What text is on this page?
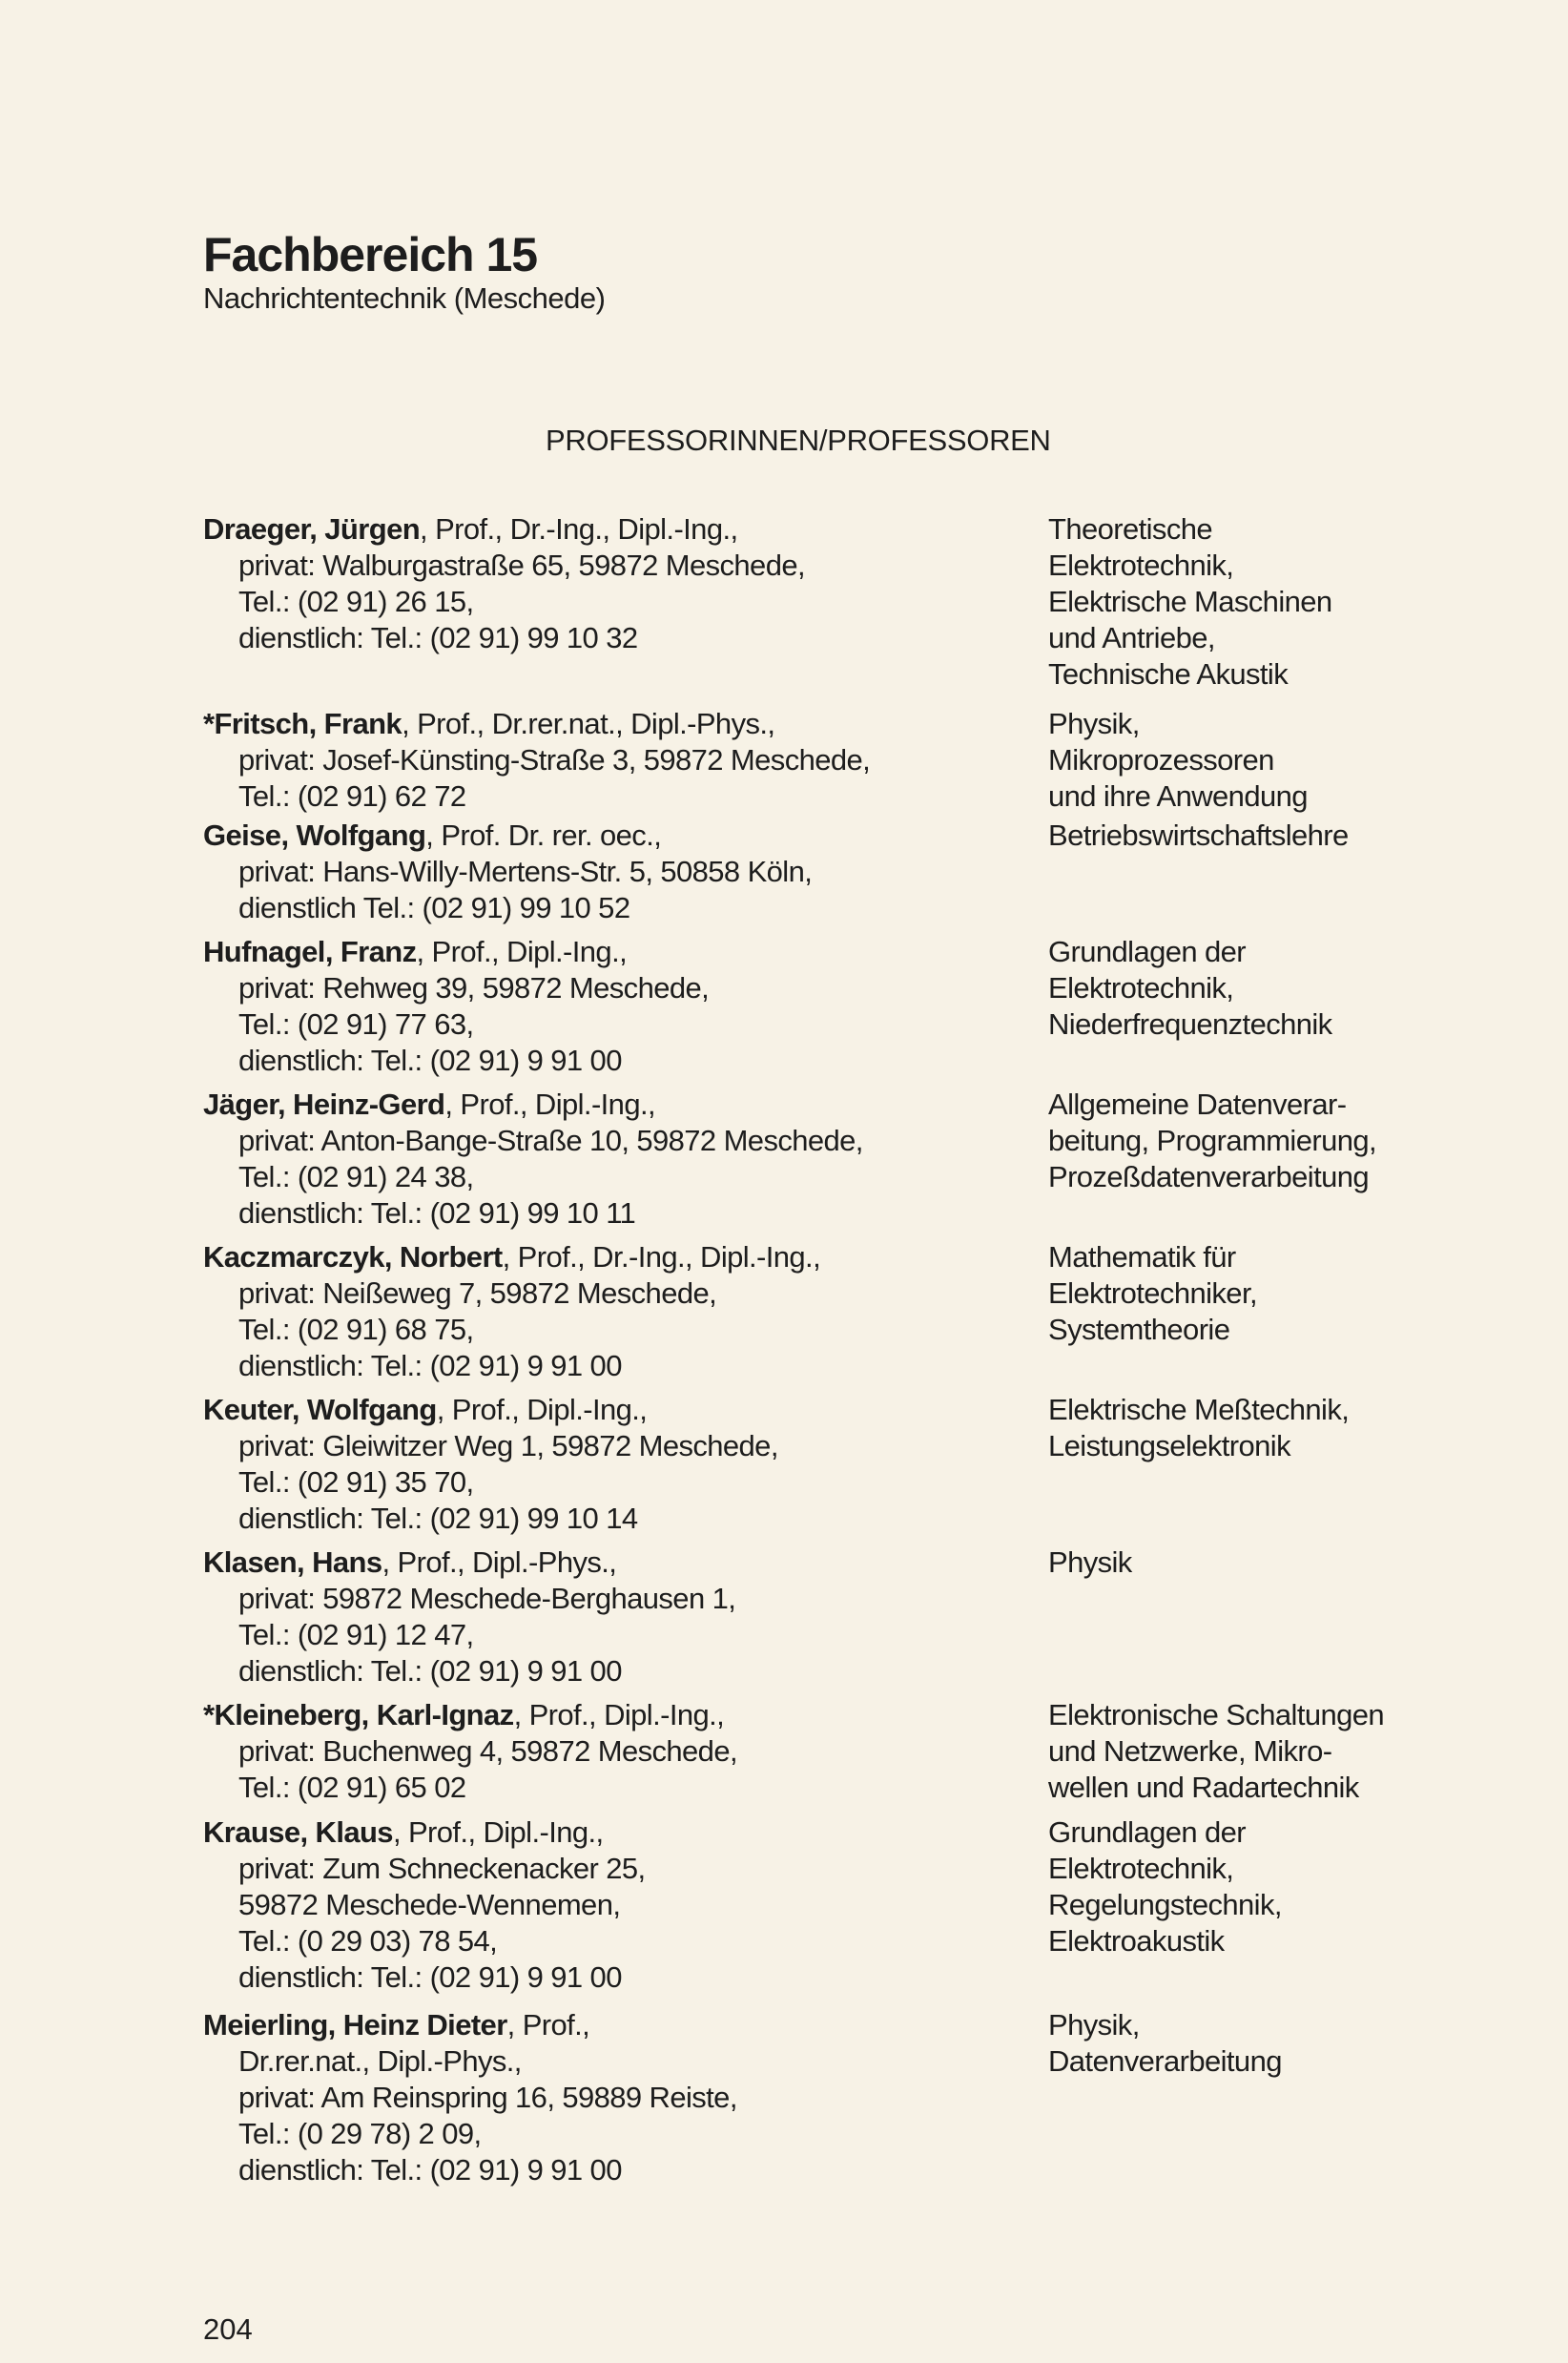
Fachbereich 15

Nachrichtentechnik (Meschede)

PROFESSORINNEN/PROFESSOREN

Draeger, Jürgen, Prof., Dr.-Ing., Dipl.-Ing.,
privat: Walburgastraße 65, 59872 Meschede,
Tel.: (02 91) 26 15,
dienstlich: Tel.: (02 91) 99 10 32
Theoretische
Elektrotechnik,
Elektrische Maschinen
und Antriebe,
Technische Akustik
*Fritsch, Frank, Prof., Dr.rer.nat., Dipl.-Phys.,
privat: Josef-Künsting-Straße 3, 59872 Meschede,
Tel.: (02 91) 62 72
Physik,
Mikroprozessoren
und ihre Anwendung
Geise, Wolfgang, Prof. Dr. rer. oec.,
privat: Hans-Willy-Mertens-Str. 5, 50858 Köln,
dienstlich Tel.: (02 91) 99 10 52
Betriebswirtschaftslehre
Hufnagel, Franz, Prof., Dipl.-Ing.,
privat: Rehweg 39, 59872 Meschede,
Tel.: (02 91) 77 63,
dienstlich: Tel.: (02 91) 9 91 00
Grundlagen der
Elektrotechnik,
Niederfrequenztechnik
Jäger, Heinz-Gerd, Prof., Dipl.-Ing.,
privat: Anton-Bange-Straße 10, 59872 Meschede,
Tel.: (02 91) 24 38,
dienstlich: Tel.: (02 91) 99 10 11
Allgemeine Datenverar-
beitung, Programmierung,
Prozeßdatenverarbeitung
Kaczmarczyk, Norbert, Prof., Dr.-Ing., Dipl.-Ing.,
privat: Neißeweg 7, 59872 Meschede,
Tel.: (02 91) 68 75,
dienstlich: Tel.: (02 91) 9 91 00
Mathematik für
Elektrotechniker,
Systemtheorie
Keuter, Wolfgang, Prof., Dipl.-Ing.,
privat: Gleiwitzer Weg 1, 59872 Meschede,
Tel.: (02 91) 35 70,
dienstlich: Tel.: (02 91) 99 10 14
Elektrische Meßtechnik,
Leistungselektronik
Klasen, Hans, Prof., Dipl.-Phys.,
privat: 59872 Meschede-Berghausen 1,
Tel.: (02 91) 12 47,
dienstlich: Tel.: (02 91) 9 91 00
Physik
*Kleineberg, Karl-Ignaz, Prof., Dipl.-Ing.,
privat: Buchenweg 4, 59872 Meschede,
Tel.: (02 91) 65 02
Elektronische Schaltungen
und Netzwerke, Mikro-
wellen und Radartechnik
Krause, Klaus, Prof., Dipl.-Ing.,
privat: Zum Schneckenacker 25,
59872 Meschede-Wennemen,
Tel.: (0 29 03) 78 54,
dienstlich: Tel.: (02 91) 9 91 00
Grundlagen der
Elektrotechnik,
Regelungstechnik,
Elektroakustik
Meierling, Heinz Dieter, Prof.,
Dr.rer.nat., Dipl.-Phys.,
privat: Am Reinspring 16, 59889 Reiste,
Tel.: (0 29 78) 2 09,
dienstlich: Tel.: (02 91) 9 91 00
Physik,
Datenverarbeitung

204
